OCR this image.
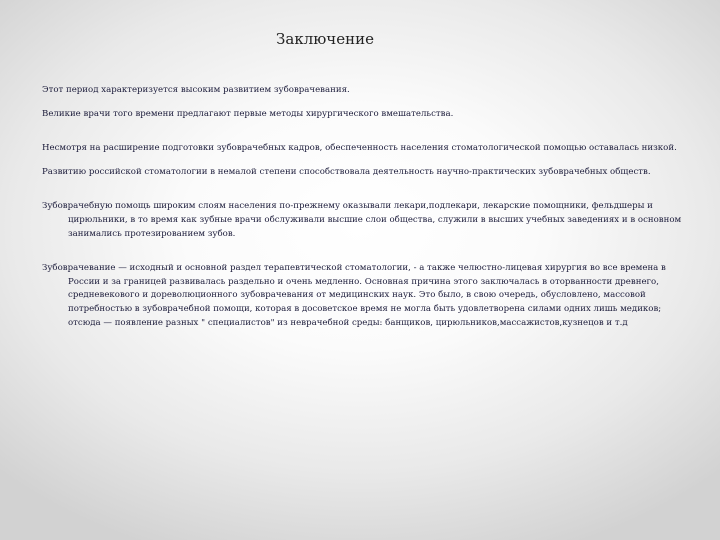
Заключение

Этот период характеризуется высоким развитием зубоврачевания.

Великие врачи того времени предлагают первые методы хирургического вмешательства.

Несмотря на расширение подготовки зубоврачебных кадров, обеспеченность населения стоматологической помощью оставалась низкой.

Развитию российской стоматологии в немалой степени способствовала деятельность научно-практических зубоврачебных обществ.

Зубоврачебную помощь широким слоям населения по-прежнему оказывали лекари,подлекари, лекарские помощники, фельдшеры и цирюльники, в то время как зубные врачи обслуживали высшие слои общества, служили в высших учебных заведениях и в основном занимались протезированием зубов.

Зубоврачевание — исходный и основной раздел терапевтической стоматологии, - а также челюстно-лицевая хирургия во все времена в России и за границей развивалась раздельно и очень медленно. Основная причина этого заключалась в оторванности древнего, средневекового и дореволюционного зубоврачевания от медицинских наук. Это было, в свою очередь, обусловлено, массовой потребностью в зубоврачебной помощи, которая в досоветское время не могла быть удовлетворена силами одних лишь медиков; отсюда — появление разных " специалистов" из неврачебной среды: банщиков, цирюльников,массажистов,кузнецов и т.д
